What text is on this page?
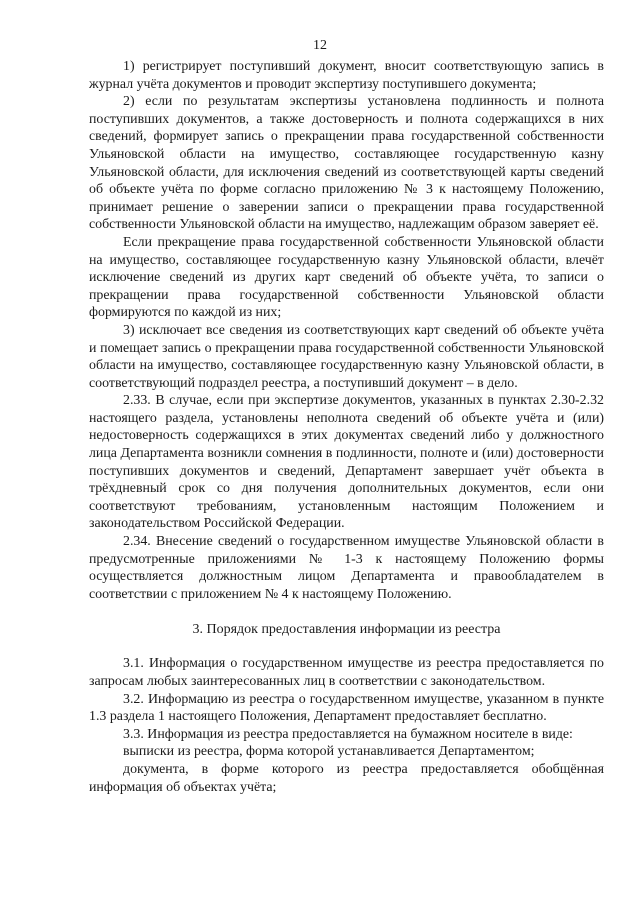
12

1) регистрирует поступивший документ, вносит соответствующую запись в журнал учёта документов и проводит экспертизу поступившего документа;

2) если по результатам экспертизы установлена подлинность и полнота поступивших документов, а также достоверность и полнота содержащихся в них сведений, формирует запись о прекращении права государственной собственности Ульяновской области на имущество, составляющее государственную казну Ульяновской области, для исключения сведений из соответствующей карты сведений об объекте учёта по форме согласно приложению № 3 к настоящему Положению, принимает решение о заверении записи о прекращении права государственной собственности Ульяновской области на имущество, надлежащим образом заверяет её.

Если прекращение права государственной собственности Ульяновской области на имущество, составляющее государственную казну Ульяновской области, влечёт исключение сведений из других карт сведений об объекте учёта, то записи о прекращении права государственной собственности Ульяновской области формируются по каждой из них;

3) исключает все сведения из соответствующих карт сведений об объекте учёта и помещает запись о прекращении права государственной собственности Ульяновской области на имущество, составляющее государственную казну Ульяновской области, в соответствующий подраздел реестра, а поступивший документ – в дело.

2.33. В случае, если при экспертизе документов, указанных в пунктах 2.30-2.32 настоящего раздела, установлены неполнота сведений об объекте учёта и (или) недостоверность содержащихся в этих документах сведений либо у должностного лица Департамента возникли сомнения в подлинности, полноте и (или) достоверности поступивших документов и сведений, Департамент завершает учёт объекта в трёхдневный срок со дня получения дополнительных документов, если они соответствуют требованиям, установленным настоящим Положением и законодательством Российской Федерации.

2.34. Внесение сведений о государственном имуществе Ульяновской области в предусмотренные приложениями № 1-3 к настоящему Положению формы осуществляется должностным лицом Департамента и правообладателем в соответствии с приложением № 4 к настоящему Положению.

3. Порядок предоставления информации из реестра

3.1. Информация о государственном имуществе из реестра предоставляется по запросам любых заинтересованных лиц в соответствии с законодательством.

3.2. Информацию из реестра о государственном имуществе, указанном в пункте 1.3 раздела 1 настоящего Положения, Департамент предоставляет бесплатно.

3.3. Информация из реестра предоставляется на бумажном носителе в виде:

выписки из реестра, форма которой устанавливается Департаментом;

документа, в форме которого из реестра предоставляется обобщённая информация об объектах учёта;
